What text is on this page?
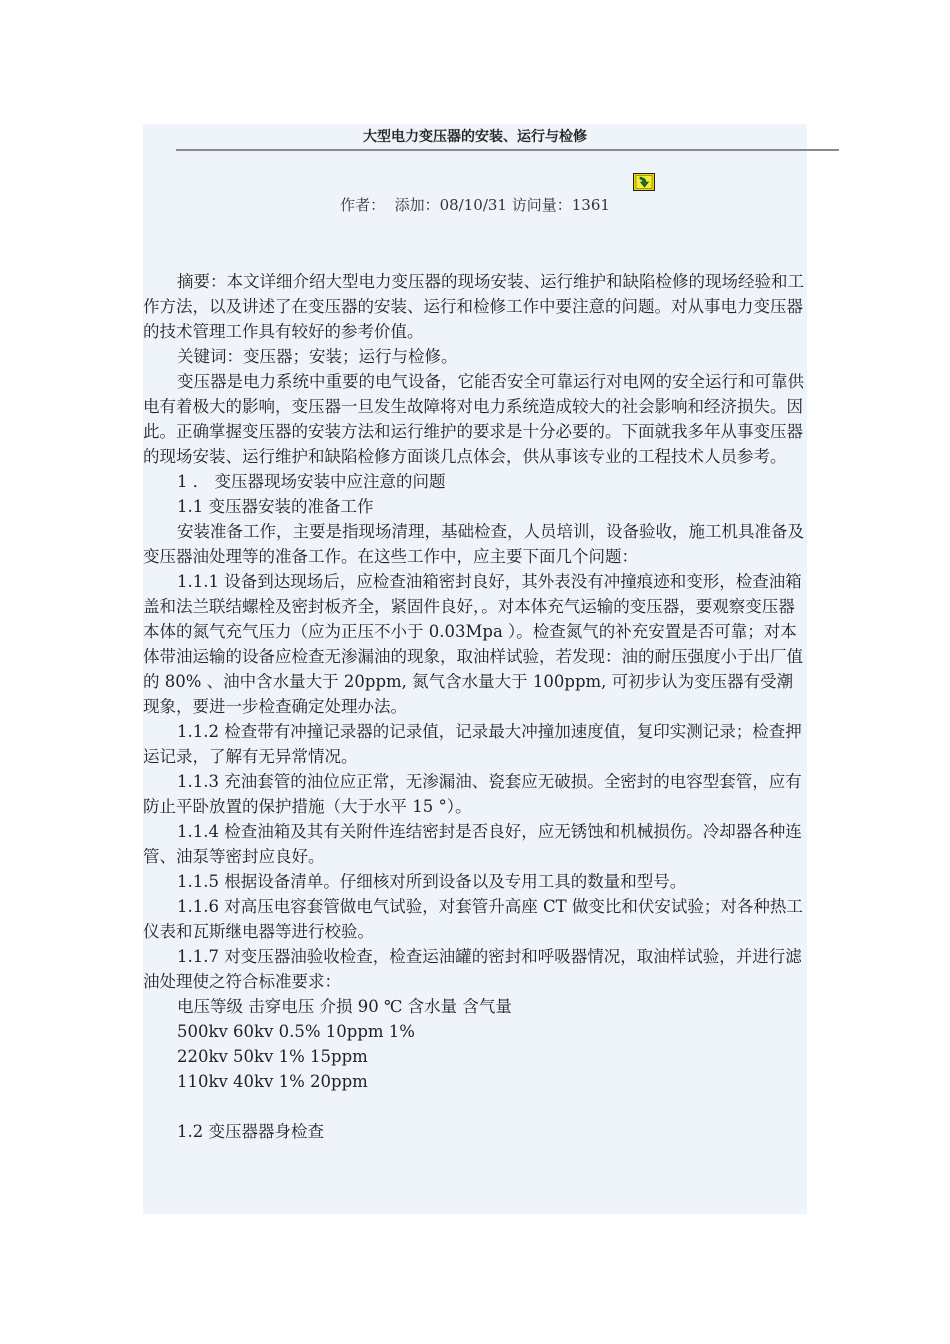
大型电力变压器的安装、运行与检修
作者：  添加：08/10/31 访问量：1361

摘要：本文详细介绍大型电力变压器的现场安装、运行维护和缺陷检修的现场经验和工作方法，以及讲述了在变压器的安装、运行和检修工作中要注意的问题。对从事电力变压器的技术管理工作具有较好的参考价值。

关键词：变压器；安装；运行与检修。

变压器是电力系统中重要的电气设备，它能否安全可靠运行对电网的安全运行和可靠供电有着极大的影响，变压器一旦发生故障将对电力系统造成较大的社会影响和经济损失。因此。正确掌握变压器的安装方法和运行维护的要求是十分必要的。下面就我多年从事变压器的现场安装、运行维护和缺陷检修方面谈几点体会，供从事该专业的工程技术人员参考。

1 ． 变压器现场安装中应注意的问题

1.1 变压器安装的准备工作

安装准备工作，主要是指现场清理，基础检查，人员培训，设备验收，施工机具准备及变压器油处理等的准备工作。在这些工作中，应主要下面几个问题：

1.1.1 设备到达现场后，应检查油箱密封良好，其外表没有冲撞痕迹和变形，检查油箱盖和法兰联结螺栓及密封板齐全，紧固件良好，。对本体充气运输的变压器，要观察变压器本体的氮气充气压力（应为正压不小于 0.03Mpa ）。检查氮气的补充安置是否可靠；对本体带油运输的设备应检查无渗漏油的现象，取油样试验，若发现：油的耐压强度小于出厂值的 80% 、油中含水量大于 20ppm, 氮气含水量大于 100ppm, 可初步认为变压器有受潮现象，要进一步检查确定处理办法。

1.1.2 检查带有冲撞记录器的记录值，记录最大冲撞加速度值，复印实测记录；检查押运记录，了解有无异常情况。

1.1.3 充油套管的油位应正常，无渗漏油、瓷套应无破损。全密封的电容型套管，应有防止平卧放置的保护措施（大于水平 15 °）。

1.1.4 检查油箱及其有关附件连结密封是否良好，应无锈蚀和机械损伤。冷却器各种连管、油泵等密封应良好。

1.1.5 根据设备清单。仔细核对所到设备以及专用工具的数量和型号。

1.1.6 对高压电容套管做电气试验，对套管升高座 CT 做变比和伏安试验；对各种热工仪表和瓦斯继电器等进行校验。

1.1.7 对变压器油验收检查，检查运油罐的密封和呼吸器情况，取油样试验，并进行滤油处理使之符合标准要求：

电压等级 击穿电压 介损 90 ℃ 含水量 含气量

500kv 60kv 0.5% 10ppm 1%

220kv 50kv 1% 15ppm

110kv 40kv 1% 20ppm

1.2 变压器器身检查
